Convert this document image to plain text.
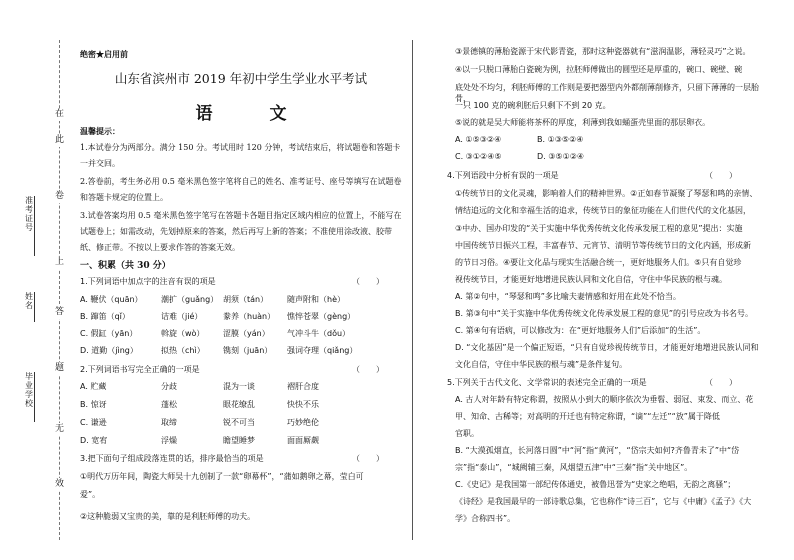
在
此
卷
上
答
题
无
效
准考证号
姓名
毕业学校
绝密★启用前
山东省滨州市 2019 年初中学生学业水平考试
语　文
温馨提示：
1.本试卷分为两部分。满分 150 分。考试用时 120 分钟，考试结束后，将试题卷和答题卡一并交回。
2.答卷前，考生务必用 0.5 毫米黑色签字笔将自己的姓名、准考证号、座号等填写在试题卷和答题卡规定的位置上。
3.试卷答案均用 0.5 毫米黑色签字笔写在答题卡各题目指定区域内相应的位置上，不能写在试题卷上；如需改动，先划掉原来的答案，然后再写上新的答案；不准使用涂改液、胶带纸、修正带。不按以上要求作答的答案无效。
一、积累（共 30 分）
1.下列词语中加点字的注音有误的项是	（　　）
A. 鞭伏（quān） 潮扩（guǎng） 胡须（tán） 随声附和（hè）
B. 蹿笛（qǐ）	诘难（jié）	豢养（huàn） 憔悴苍翠（gèng）
C. 假缸（yān）	斡旋（wò） 涩膜（yán） 气冲斗牛（dǒu）
D. 道勤（jìng）	拟热（chì） 镌刻（juān） 强词夺理（qiǎng）
2.下列词语书写完全正确的一项是	（　　）
A. 贮藏	分歧	混为一谈	褶肝合度
B. 惊讶	蓬松	眼花缭乱	快快不乐
C. 谦逊	取缔	锐不可当	巧妙绝伦
D. 宽宥	浮燥	瞻望睡梦	面面厮觑
3.把下面句子组成段落连贯的话，排序最恰当的项是	（　　）
①明代万历年间，陶瓷大师吴十九创制了一款“卵幕杯”，“蒲如鹅卵之幕，莹白可
爱”。
②这种脆弱又宝贵的美，靠的是利胚师傅的功夫。
③景德镇的薄胎瓷源于宋代影青瓷，那时这种瓷器就有“滋润温影，薄轻灵巧”之说。
④以一只脱口薄胎白瓷碗为例，拉胚师傅做出的圆型还是厚重的，碗口、碗壁、碗
底处处不均匀，利胚师傅的工作则是要把器型内外都削薄削修齐，只留下薄薄的一层胎骨，
一只 100 克的碗利胚后只剩下不到 20 克。
⑤说的就是吴大师能将茶杯的厚度，利薄到我如蛹蛋壳里面的那层卵衣。
A. ①⑤③②④	B. ①③⑤②④
C. ③①②④⑤	D. ③⑤①②④
4.下列语段中分析有误的一项是	（　　）
①传统节日的文化灵魂，影响着人们的精神世界。②正如春节凝聚了琴瑟和鸣的亲情、
情结追远的文化和幸福生活的追求，传统节日的象征功能在人们世代代的文化基因，
③中办、国办印发的“关于实施中华优秀传统文化传承发展工程的意见”提出：实施
中国传统节日振兴工程，丰富春节、元宵节、清明节等传统节日的文化内涵，形成新
的节日习俗。④要让文化品与现实生活融合统一，更好地服务人们。⑤只有自觉珍
视传统节日，才能更好地增进民族认同和文化自信，守住中华民族的根与魂。
A. 第②句中，“琴瑟和鸣”多比喻夫妻情感和好用在此处不恰当。
B. 第③句中“关于实施中华优秀传统文化传承发展工程的意见”的引号应改为书名号。
C. 第④句有语病，可以修改为：在“更好地服务人们”后添加“的生活”。
D. “文化基因”是一个偏正短语，“只有自觉珍视传统节日，才能更好地增进民族认同和
文化自信，守住中华民族的根与魂”是条件复句。
5.下列关于古代文化、文学常识的表述完全正确的一项是	（　　）
A. 古人对年龄有特定称谓，按照从小到大的顺序依次为垂髫、弱冠、束发、而立、花
甲、知命、古稀等；对高明的开迁也有特定称谓，“谪”“左迁”“放”属于降低
官职。
B. “大漠孤烟直，长河落日圆”中“河”指“黄河”，“岱宗夫如何?齐鲁青未了”中“岱
宗”指“泰山”，“城阙辅三秦，风烟望五津”中“三秦”指“关中地区”。
C.《史记》是我国第一部纪传体通史，被鲁迅誉为“史家之绝唱，无韵之离骚”；
《诗经》是我国最早的一部诗歌总集，它也称作“诗三百”，它与《中庸》《孟子》《大
学》合称四书”。
